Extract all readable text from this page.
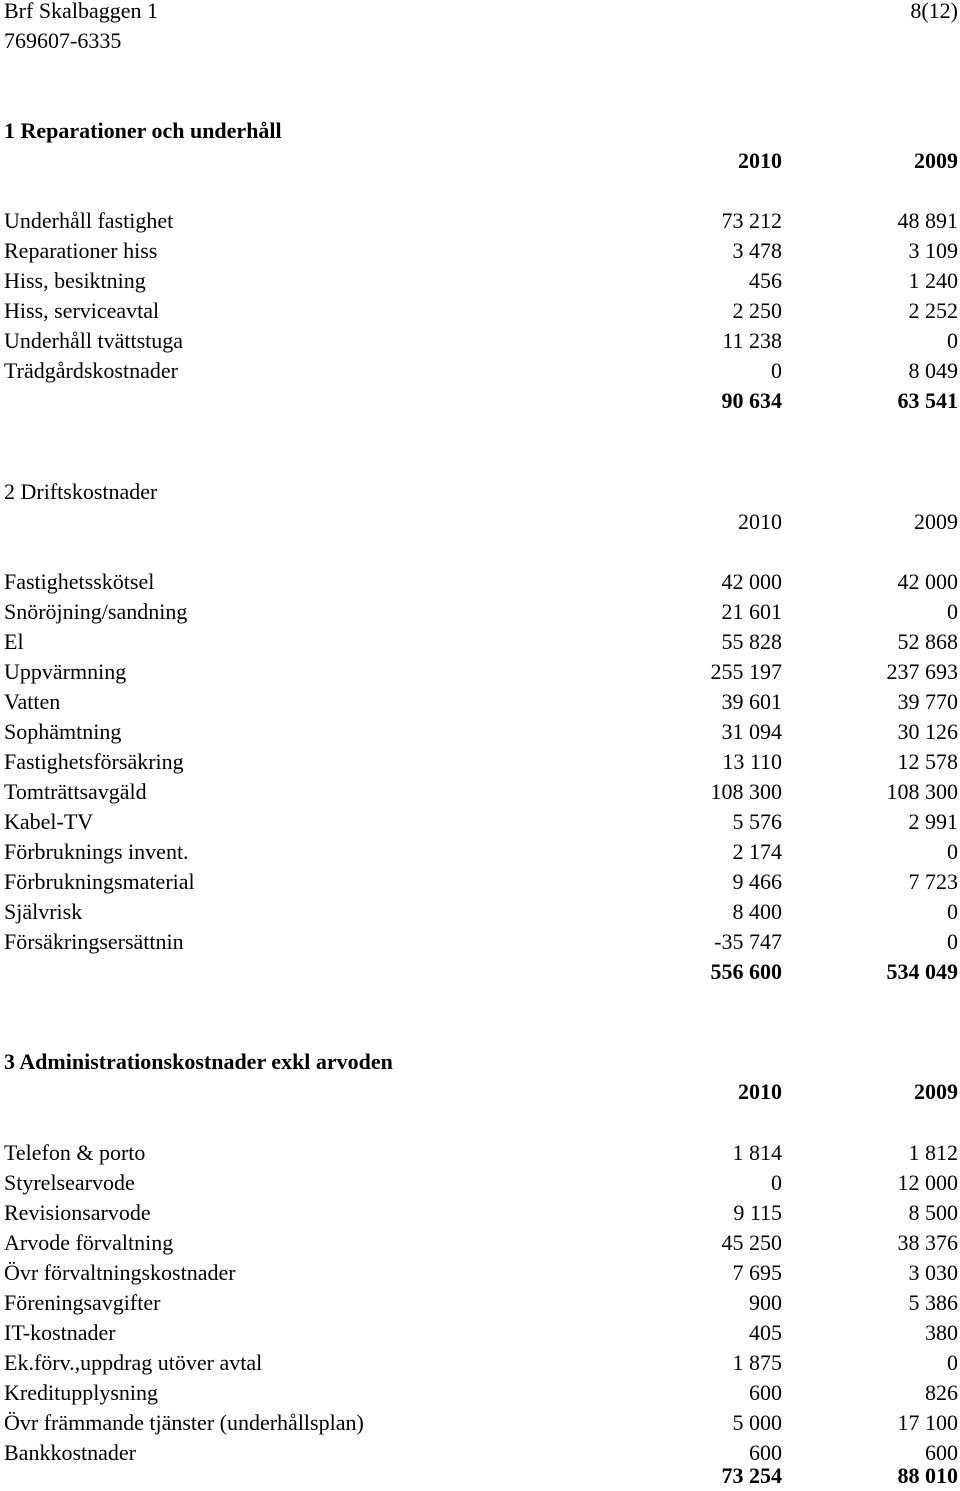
Brf Skalbaggen 1	8(12)
769607-6335
1 Reparationer och underhåll
2010	2009
Underhåll fastighet	73 212	48 891
Reparationer hiss	3 478	3 109
Hiss, besiktning	456	1 240
Hiss, serviceavtal	2 250	2 252
Underhåll tvättstuga	11 238	0
Trädgårdskostnader	0	8 049
90 634	63 541
2 Driftskostnader
2010	2009
Fastighetsskötsel	42 000	42 000
Snöröjning/sandning	21 601	0
El	55 828	52 868
Uppvärmning	255 197	237 693
Vatten	39 601	39 770
Sophämtning	31 094	30 126
Fastighetsförsäkring	13 110	12 578
Tomträttsavgäld	108 300	108 300
Kabel-TV	5 576	2 991
Förbruknings invent.	2 174	0
Förbrukningsmaterial	9 466	7 723
Självrisk	8 400	0
Försäkringsersättnin	-35 747	0
556 600	534 049
3 Administrationskostnader exkl arvoden
2010	2009
Telefon & porto	1 814	1 812
Styrelsearvode	0	12 000
Revisionsarvode	9 115	8 500
Arvode förvaltning	45 250	38 376
Övr förvaltningskostnader	7 695	3 030
Föreningsavgifter	900	5 386
IT-kostnader	405	380
Ek.förv.,uppdrag utöver avtal	1 875	0
Kreditupplysning	600	826
Övr främmande tjänster (underhållsplan)	5 000	17 100
Bankkostnader	600	600
73 254	88 010
